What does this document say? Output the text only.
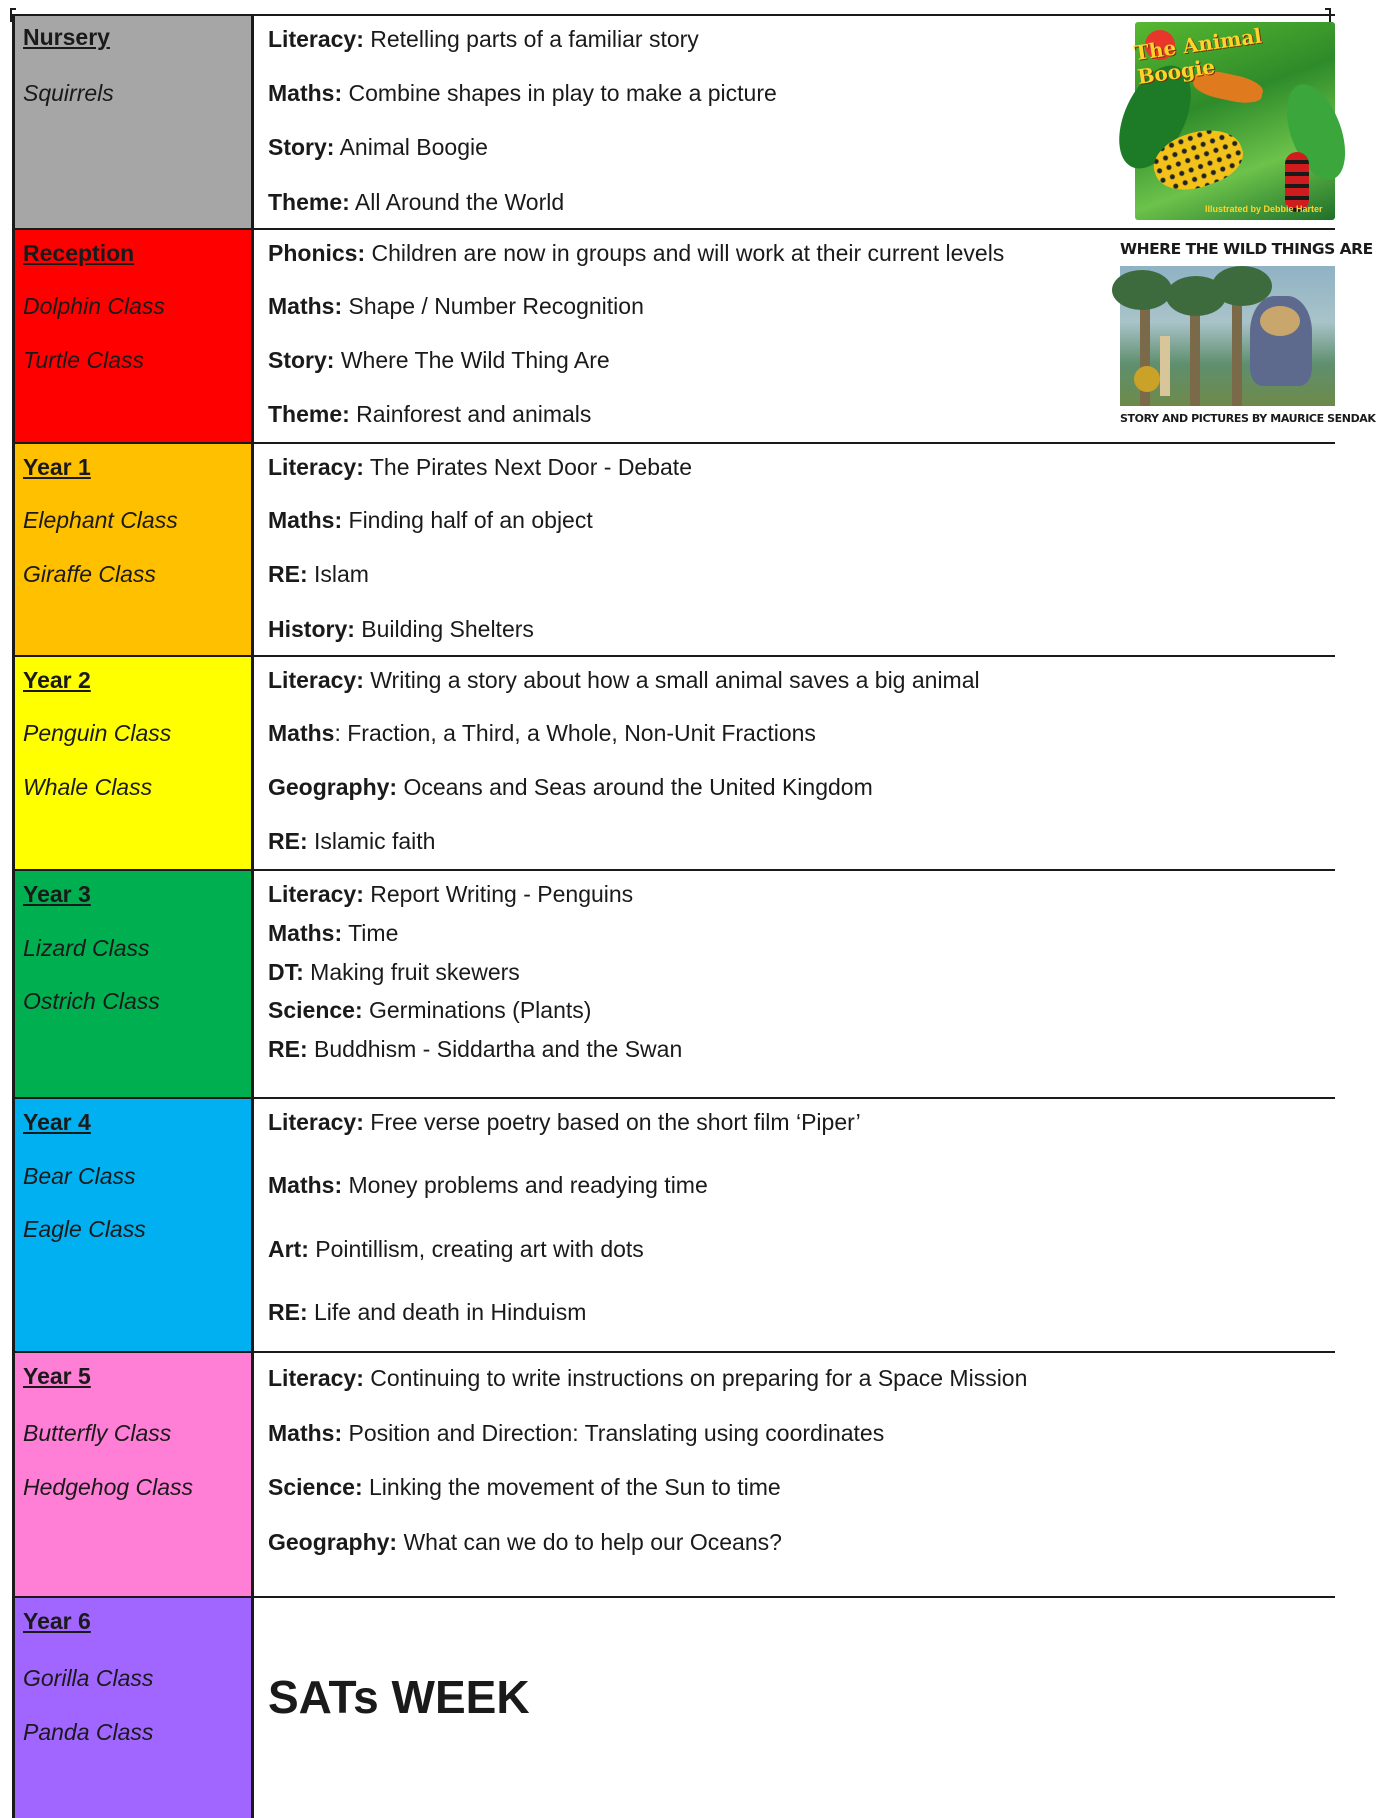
Nursery
Squirrels
Literacy: Retelling parts of a familiar story
Maths: Combine shapes in play to make a picture
Story: Animal Boogie
Theme: All Around the World
Reception
Dolphin Class
Turtle Class
Phonics: Children are now in groups and will work at their current levels
Maths: Shape / Number Recognition
Story: Where The Wild Thing Are
Theme: Rainforest and animals
Year 1
Elephant Class
Giraffe Class
Literacy: The Pirates Next Door - Debate
Maths: Finding half of an object
RE: Islam
History: Building Shelters
Year 2
Penguin Class
Whale Class
Literacy: Writing a story about how a small animal saves a big animal
Maths: Fraction, a Third, a Whole, Non-Unit Fractions
Geography: Oceans and Seas around the United Kingdom
RE: Islamic faith
Year 3
Lizard Class
Ostrich Class
Literacy: Report Writing - Penguins
Maths: Time
DT: Making fruit skewers
Science: Germinations (Plants)
RE: Buddhism - Siddartha and the Swan
Year 4
Bear Class
Eagle Class
Literacy: Free verse poetry based on the short film ‘Piper’
Maths: Money problems and readying time
Art: Pointillism, creating art with dots
RE: Life and death in Hinduism
Year 5
Butterfly Class
Hedgehog Class
Literacy: Continuing to write instructions on preparing for a Space Mission
Maths: Position and Direction: Translating using coordinates
Science: Linking the movement of the Sun to time
Geography: What can we do to help our Oceans?
Year 6
Gorilla Class
Panda Class
SATs WEEK
The Animal Boogie
Illustrated by Debbie Harter
WHERE THE WILD THINGS ARE
STORY AND PICTURES BY MAURICE SENDAK
